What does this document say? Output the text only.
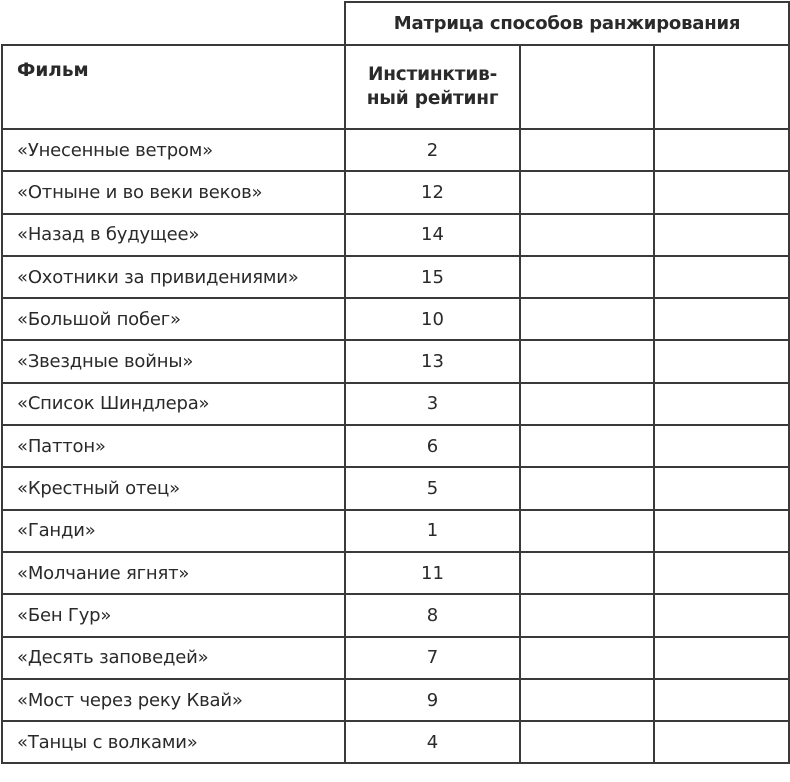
	Матрица способов ранжирования		
Фильм	Инстинктив-
ный рейтинг		
«Унесенные ветром»	2		
«Отныне и во веки веков»	12		
«Назад в будущее»	14		
«Охотники за привидениями»	15		
«Большой побег»	10		
«Звездные войны»	13		
«Список Шиндлера»	3		
«Паттон»	6		
«Крестный отец»	5		
«Ганди»	1		
«Молчание ягнят»	11		
«Бен Гур»	8		
«Десять заповедей»	7		
«Мост через реку Квай»	9		
«Танцы с волками»	4		
